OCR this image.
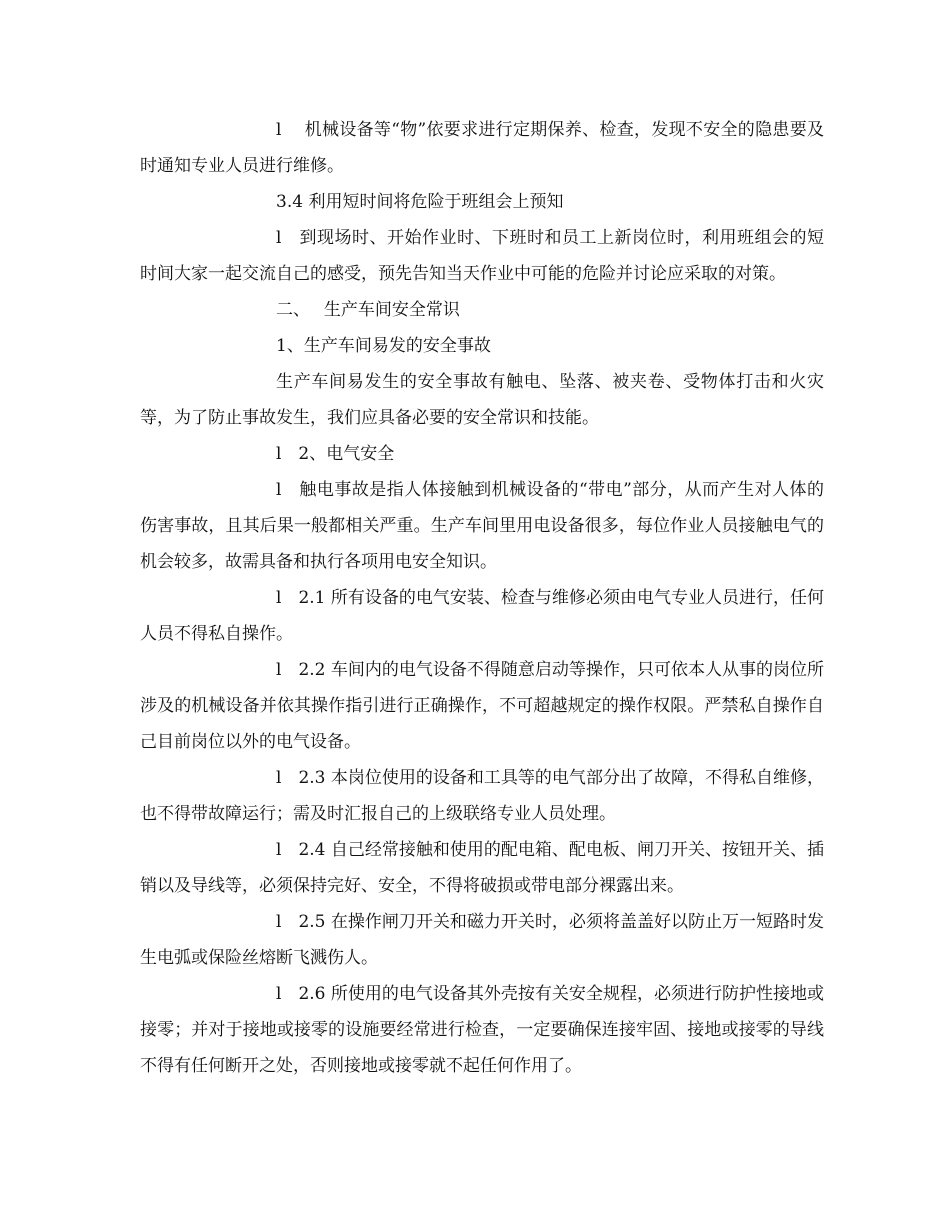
l　 机械设备等“物”依要求进行定期保养、检查，发现不安全的隐患要及时通知专业人员进行维修。

3.4 利用短时间将危险于班组会上预知

l　到现场时、开始作业时、下班时和员工上新岗位时，利用班组会的短时间大家一起交流自己的感受，预先告知当天作业中可能的危险并讨论应采取的对策。

二、　 生产车间安全常识

1、生产车间易发的安全事故

生产车间易发生的安全事故有触电、坠落、被夹卷、受物体打击和火灾等，为了防止事故发生，我们应具备必要的安全常识和技能。

l　2、电气安全

l　触电事故是指人体接触到机械设备的“带电”部分，从而产生对人体的伤害事故，且其后果一般都相关严重。生产车间里用电设备很多，每位作业人员接触电气的机会较多，故需具备和执行各项用电安全知识。

l　2.1 所有设备的电气安装、检查与维修必须由电气专业人员进行，任何人员不得私自操作。

l　2.2 车间内的电气设备不得随意启动等操作，只可依本人从事的岗位所涉及的机械设备并依其操作指引进行正确操作，不可超越规定的操作权限。严禁私自操作自己目前岗位以外的电气设备。

l　2.3 本岗位使用的设备和工具等的电气部分出了故障，不得私自维修，也不得带故障运行；需及时汇报自己的上级联络专业人员处理。

l　2.4 自己经常接触和使用的配电箱、配电板、闸刀开关、按钮开关、插销以及导线等，必须保持完好、安全，不得将破损或带电部分裸露出来。

l　2.5 在操作闸刀开关和磁力开关时，必须将盖盖好以防止万一短路时发生电弧或保险丝熔断飞溅伤人。

l　2.6 所使用的电气设备其外壳按有关安全规程，必须进行防护性接地或接零；并对于接地或接零的设施要经常进行检查，一定要确保连接牢固、接地或接零的导线不得有任何断开之处，否则接地或接零就不起任何作用了。
